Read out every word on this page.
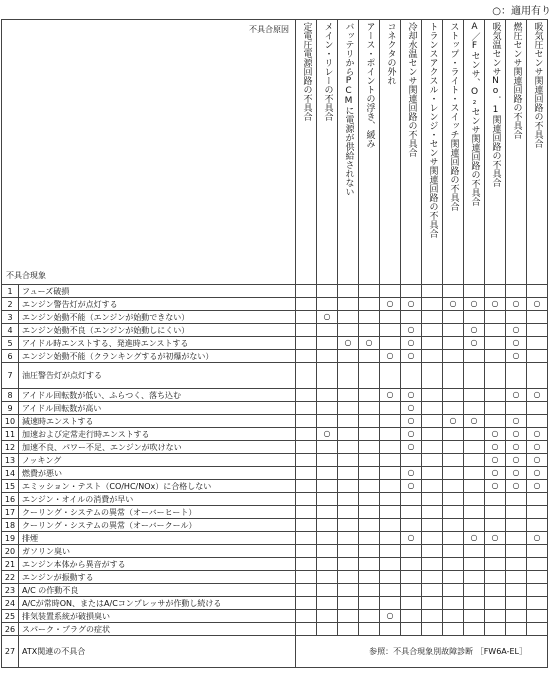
○：適用有り
不具合原因
不具合現象		定電圧電源回路の不具合	メイン・リレーの不具合	バッテリからPCMに電源が供給されない	アース・ポイントの浮き、緩み	コネクタの外れ	冷却水温センサ関連回路の不具合	トランスアクスル・レンジ・センサ関連回路の不具合	ストップ・ライト・スイッチ関連回路の不具合	A／Fセンサ、O₂センサ関連回路の不具合	吸気温センサNo．1関連回路の不具合	燃圧センサ関連回路の不具合	吸気圧センサ関連回路の不具合

1	フューズ破損												
2	エンジン警告灯が点灯する					○	○		○	○	○	○	○
3	エンジン始動不能（エンジンが始動できない）		○										
4	エンジン始動不良（エンジンが始動しにくい）						○			○		○	
5	アイドル時エンストする、発進時エンストする			○	○		○			○		○	
6	エンジン始動不能（クランキングするが初爆がない）					○	○					○	
7	油圧警告灯が点灯する												
8	アイドル回転数が低い、ふらつく、落ち込む					○	○					○	○
9	アイドル回転数が高い						○						
10	減速時エンストする						○		○	○		○	
11	加速および定常走行時エンストする		○				○				○	○	○
12	加速不良、パワー不足、エンジンが吹けない						○				○	○	○
13	ノッキング										○	○	○
14	燃費が悪い						○				○	○	○
15	エミッション・テスト（CO/HC/NOx）に合格しない						○				○	○	○
16	エンジン・オイルの消費が早い												
17	クーリング・システムの異常（オーバーヒート）												
18	クーリング・システムの異常（オーバークール）												
19	排煙						○			○	○		○
20	ガソリン臭い												
21	エンジン本体から異音がする												
22	エンジンが振動する												
23	A/C の作動不良												
24	A/Cが常時ON、またはA/Cコンプレッサが作動し続ける												
25	排気装置系統が破損臭い					○							
26	スパーク・プラグの症状												
27	ATX関連の不具合	参照：不具合現象別故障診断 ［FW6A-EL］											
